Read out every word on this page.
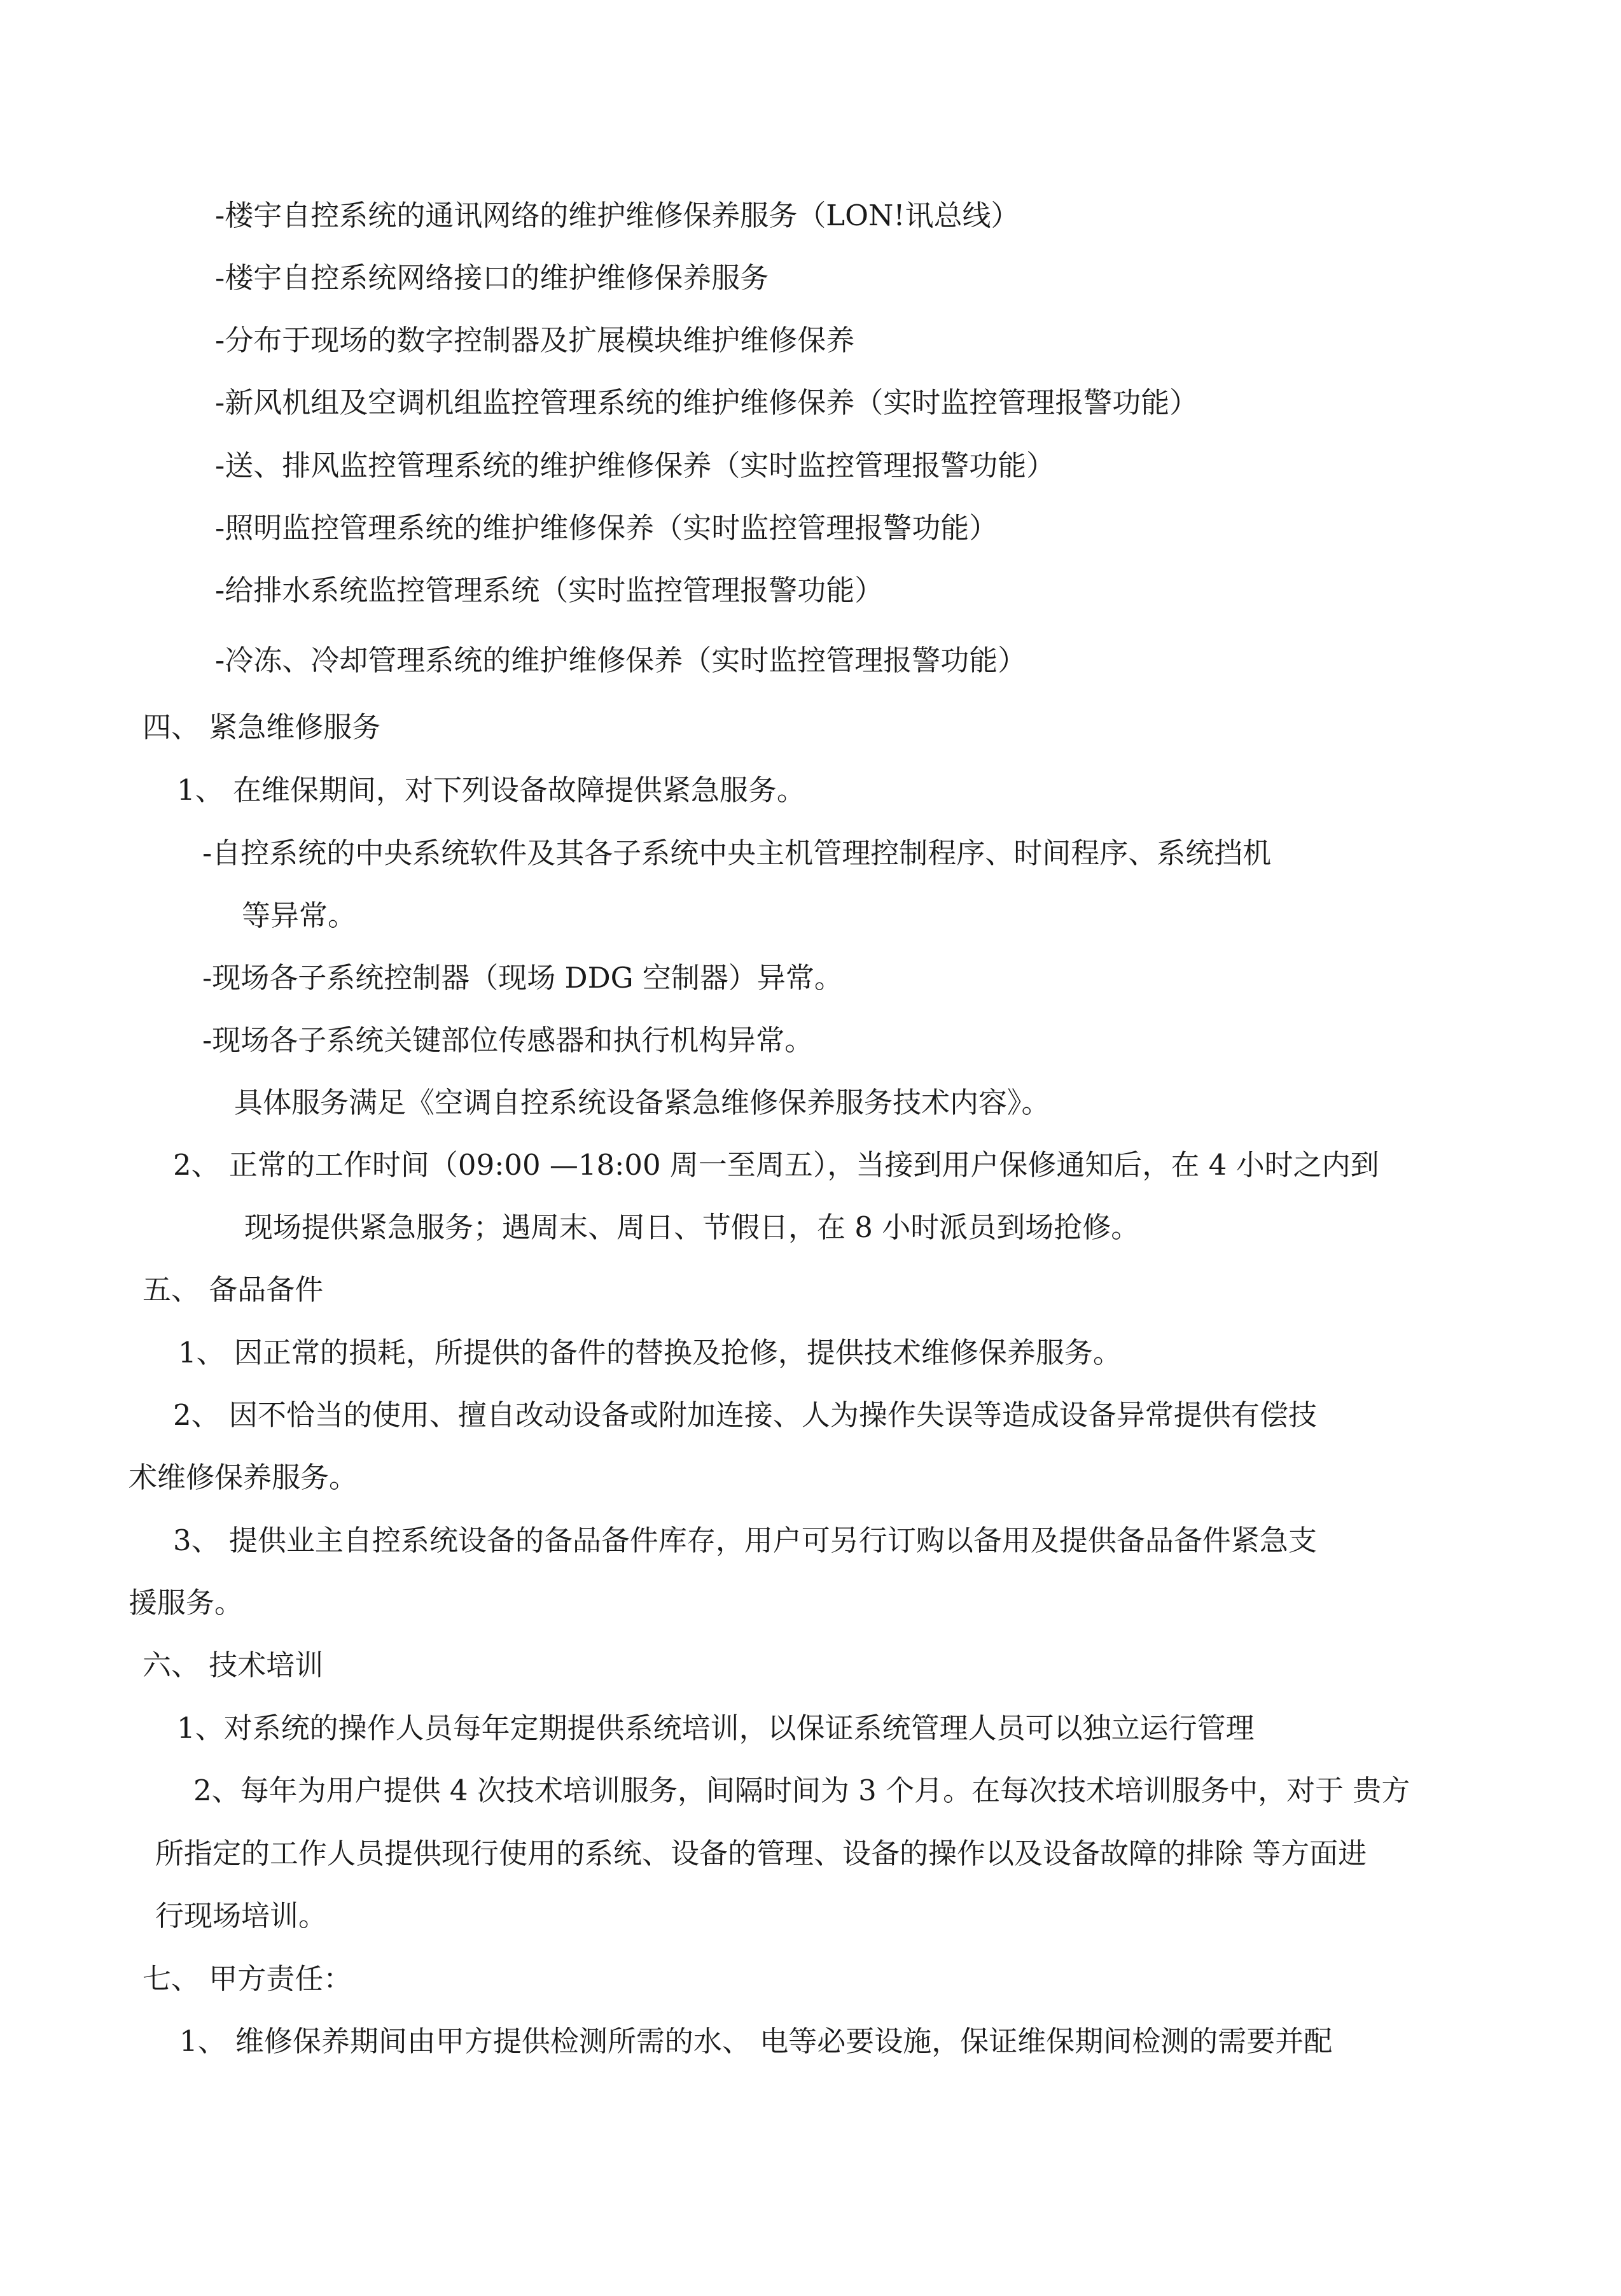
-楼宇自控系统的通讯网络的维护维修保养服务（LON!讯总线）
-楼宇自控系统网络接口的维护维修保养服务
-分布于现场的数字控制器及扩展模块维护维修保养
-新风机组及空调机组监控管理系统的维护维修保养（实时监控管理报警功能）
-送、排风监控管理系统的维护维修保养（实时监控管理报警功能）
-照明监控管理系统的维护维修保养（实时监控管理报警功能）
-给排水系统监控管理系统（实时监控管理报警功能）
-冷冻、冷却管理系统的维护维修保养（实时监控管理报警功能）
四、 紧急维修服务
1、 在维保期间，对下列设备故障提供紧急服务。
-自控系统的中央系统软件及其各子系统中央主机管理控制程序、时间程序、系统挡机
等异常。
-现场各子系统控制器（现场 DDG 空制器）异常。
-现场各子系统关键部位传感器和执行机构异常。
具体服务满足《空调自控系统设备紧急维修保养服务技术内容》。
2、 正常的工作时间（09:00 —18:00 周一至周五），当接到用户保修通知后，在 4 小时之内到
现场提供紧急服务；遇周末、周日、节假日，在 8 小时派员到场抢修。
五、 备品备件
1、 因正常的损耗，所提供的备件的替换及抢修，提供技术维修保养服务。
2、 因不恰当的使用、擅自改动设备或附加连接、人为操作失误等造成设备异常提供有偿技
术维修保养服务。
3、 提供业主自控系统设备的备品备件库存，用户可另行订购以备用及提供备品备件紧急支
援服务。
六、 技术培训
1、对系统的操作人员每年定期提供系统培训，以保证系统管理人员可以独立运行管理
2、每年为用户提供 4 次技术培训服务，间隔时间为 3 个月。在每次技术培训服务中，对于 贵方
所指定的工作人员提供现行使用的系统、设备的管理、设备的操作以及设备故障的排除 等方面进
行现场培训。
七、 甲方责任：
1、 维修保养期间由甲方提供检测所需的水、 电等必要设施，保证维保期间检测的需要并配
